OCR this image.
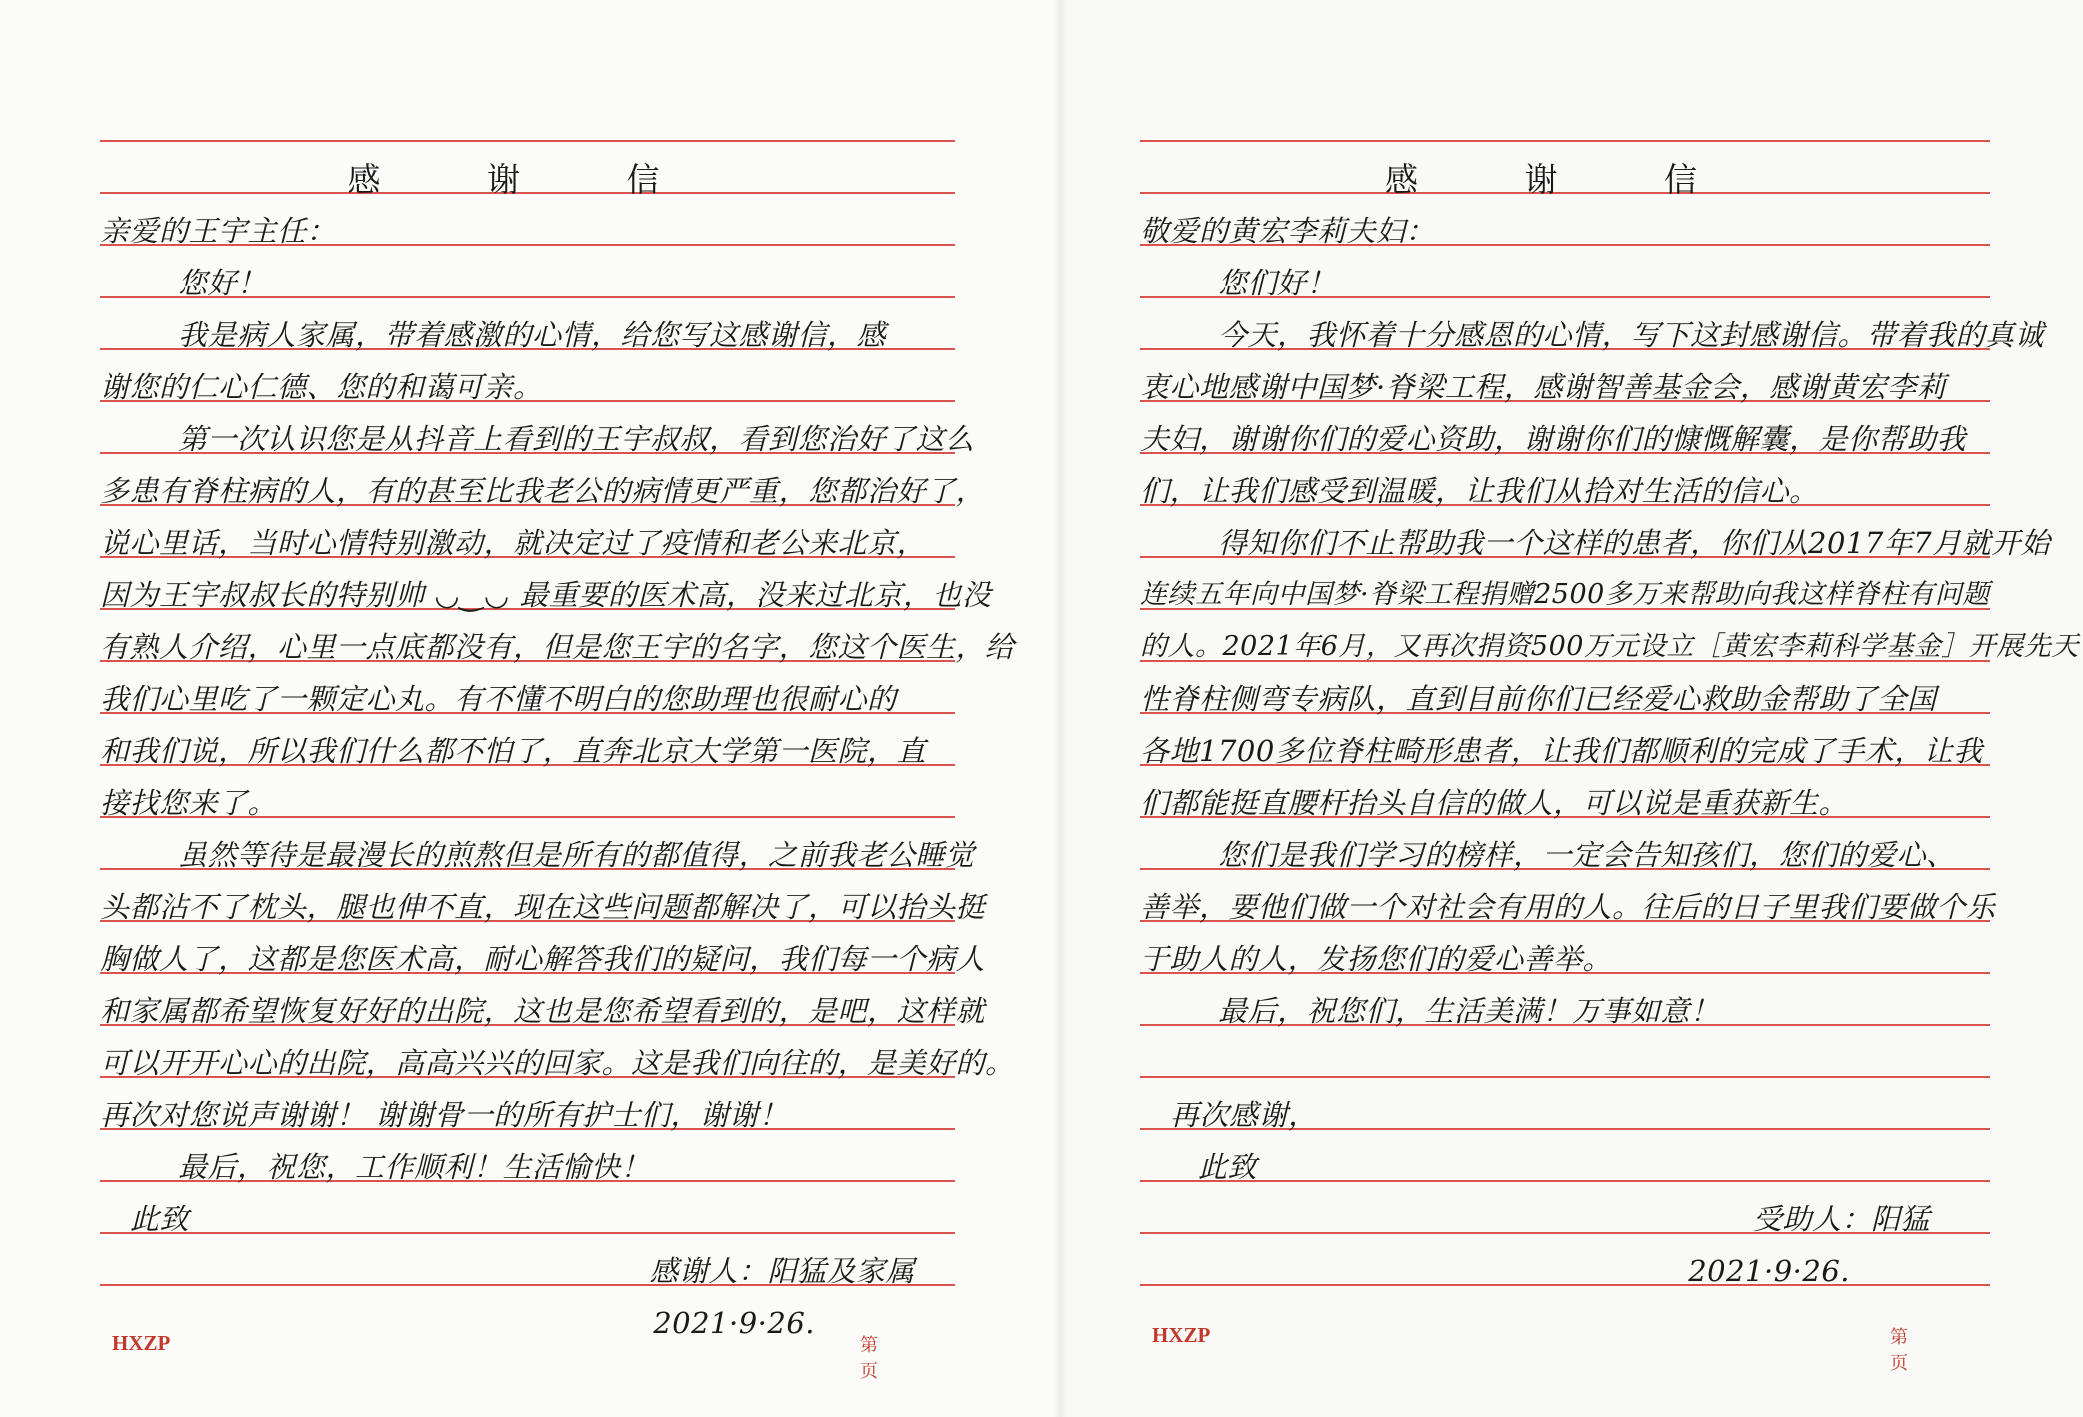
感 谢 信
亲爱的王宇主任：
您好！
我是病人家属，带着感激的心情，给您写这感谢信，感
谢您的仁心仁德、您的和蔼可亲。
第一次认识您是从抖音上看到的王宇叔叔，看到您治好了这么
多患有脊柱病的人，有的甚至比我老公的病情更严重，您都治好了，
说心里话，当时心情特别激动，就决定过了疫情和老公来北京，
因为王宇叔叔长的特别帅 ◡‿◡ 最重要的医术高，没来过北京，也没
有熟人介绍，心里一点底都没有，但是您王宇的名字，您这个医生，给
我们心里吃了一颗定心丸。有不懂不明白的您助理也很耐心的
和我们说，所以我们什么都不怕了，直奔北京大学第一医院，直
接找您来了。
虽然等待是最漫长的煎熬但是所有的都值得，之前我老公睡觉
头都沾不了枕头，腿也伸不直，现在这些问题都解决了，可以抬头挺
胸做人了，这都是您医术高，耐心解答我们的疑问，我们每一个病人
和家属都希望恢复好好的出院，这也是您希望看到的，是吧，这样就
可以开开心心的出院，高高兴兴的回家。这是我们向往的，是美好的。
再次对您说声谢谢！ 谢谢骨一的所有护士们，谢谢！
最后，祝您，工作顺利！生活愉快！
此致
感谢人：阳猛及家属
2021·9·26.
HXZP	第 页
感 谢 信
敬爱的黄宏李莉夫妇：
您们好！
今天，我怀着十分感恩的心情，写下这封感谢信。带着我的真诚
衷心地感谢中国梦·脊梁工程，感谢智善基金会，感谢黄宏李莉
夫妇，谢谢你们的爱心资助，谢谢你们的慷慨解囊，是你帮助我
们，让我们感受到温暖，让我们从拾对生活的信心。
得知你们不止帮助我一个这样的患者，你们从2017年7月就开始
连续五年向中国梦·脊梁工程捐赠2500多万来帮助向我这样脊柱有问题
的人。2021年6月，又再次捐资500万元设立［黄宏李莉科学基金］开展先天
性脊柱侧弯专病队，直到目前你们已经爱心救助金帮助了全国
各地1700多位脊柱畸形患者，让我们都顺利的完成了手术，让我
们都能挺直腰杆抬头自信的做人，可以说是重获新生。
您们是我们学习的榜样，一定会告知孩们，您们的爱心、
善举，要他们做一个对社会有用的人。往后的日子里我们要做个乐
于助人的人，发扬您们的爱心善举。
最后，祝您们，生活美满！万事如意！
再次感谢，
此致
受助人：阳猛
2021·9·26.
HXZP	第 页
